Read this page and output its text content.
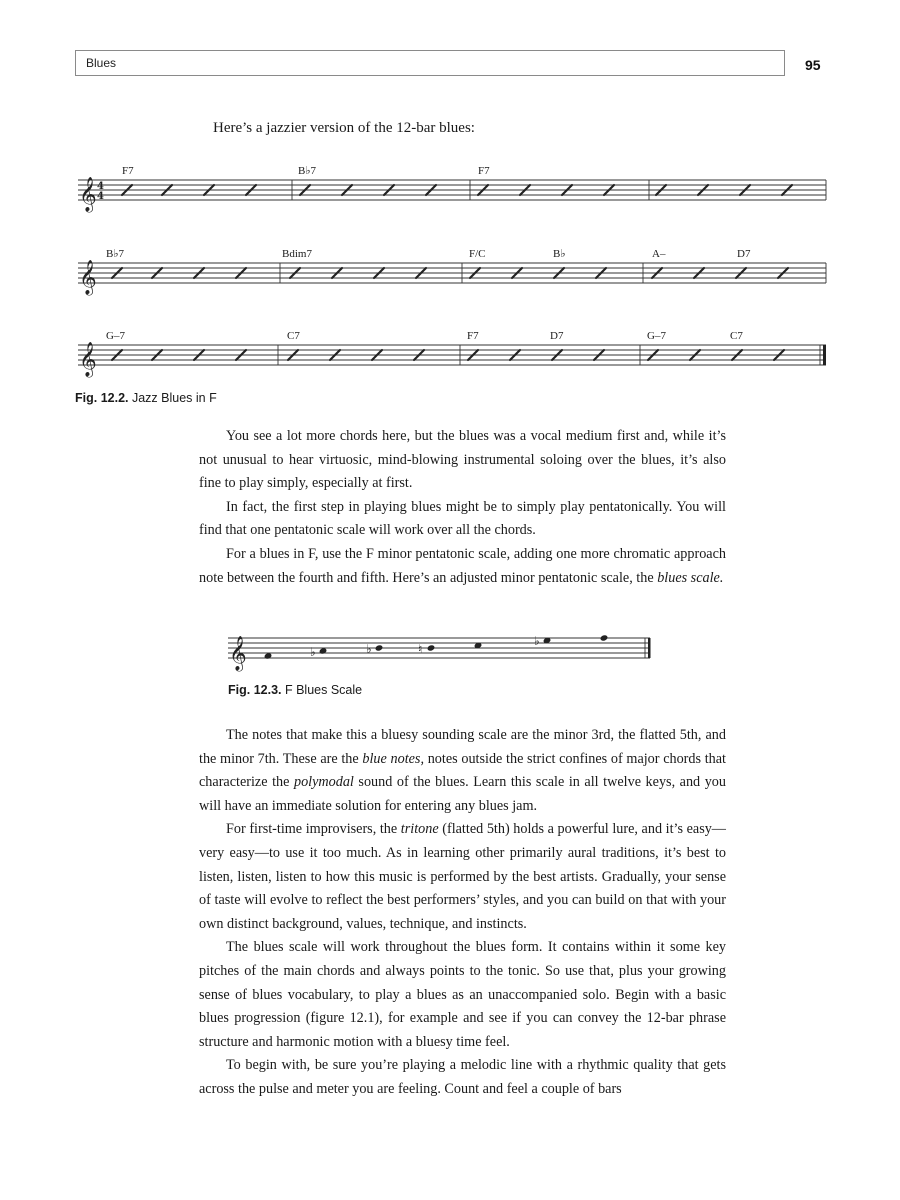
Blues	95
Here’s a jazzier version of the 12-bar blues:
𝄞 4
4
F7	B♭7	F7
𝄞
B♭7	Bdim7	F/C	B♭	A–	D7
𝄞
G–7	C7	F7	D7	G–7	C7
Fig. 12.2. Jazz Blues in F

You see a lot more chords here, but the blues was a vocal medium first and, while it’s not unusual to hear virtuosic, mind-blowing instrumental soloing over the blues, it’s also fine to play simply, especially at first.

In fact, the first step in playing blues might be to simply play pentatonically. You will find that one pentatonic scale will work over all the chords.

For a blues in F, use the F minor pentatonic scale, adding one more chromatic approach note between the fourth and fifth. Here’s an adjusted minor pentatonic scale, the blues scale.

𝄞	♭	♭	♮
♭
Fig. 12.3. F Blues Scale

The notes that make this a bluesy sounding scale are the minor 3rd, the flatted 5th, and the minor 7th. These are the blue notes, notes outside the strict confines of major chords that characterize the polymodal sound of the blues. Learn this scale in all twelve keys, and you will have an immediate solution for entering any blues jam.

For first-time improvisers, the tritone (flatted 5th) holds a powerful lure, and it’s easy—very easy—to use it too much. As in learning other primarily aural traditions, it’s best to listen, listen, listen to how this music is performed by the best artists. Gradually, your sense of taste will evolve to reflect the best performers’ styles, and you can build on that with your own distinct background, values, technique, and instincts.

The blues scale will work throughout the blues form. It contains within it some key pitches of the main chords and always points to the tonic. So use that, plus your growing sense of blues vocabulary, to play a blues as an unaccompanied solo. Begin with a basic blues progression (figure 12.1), for example and see if you can convey the 12-bar phrase structure and harmonic motion with a bluesy time feel.

To begin with, be sure you’re playing a melodic line with a rhythmic quality that gets across the pulse and meter you are feeling. Count and feel a couple of bars
